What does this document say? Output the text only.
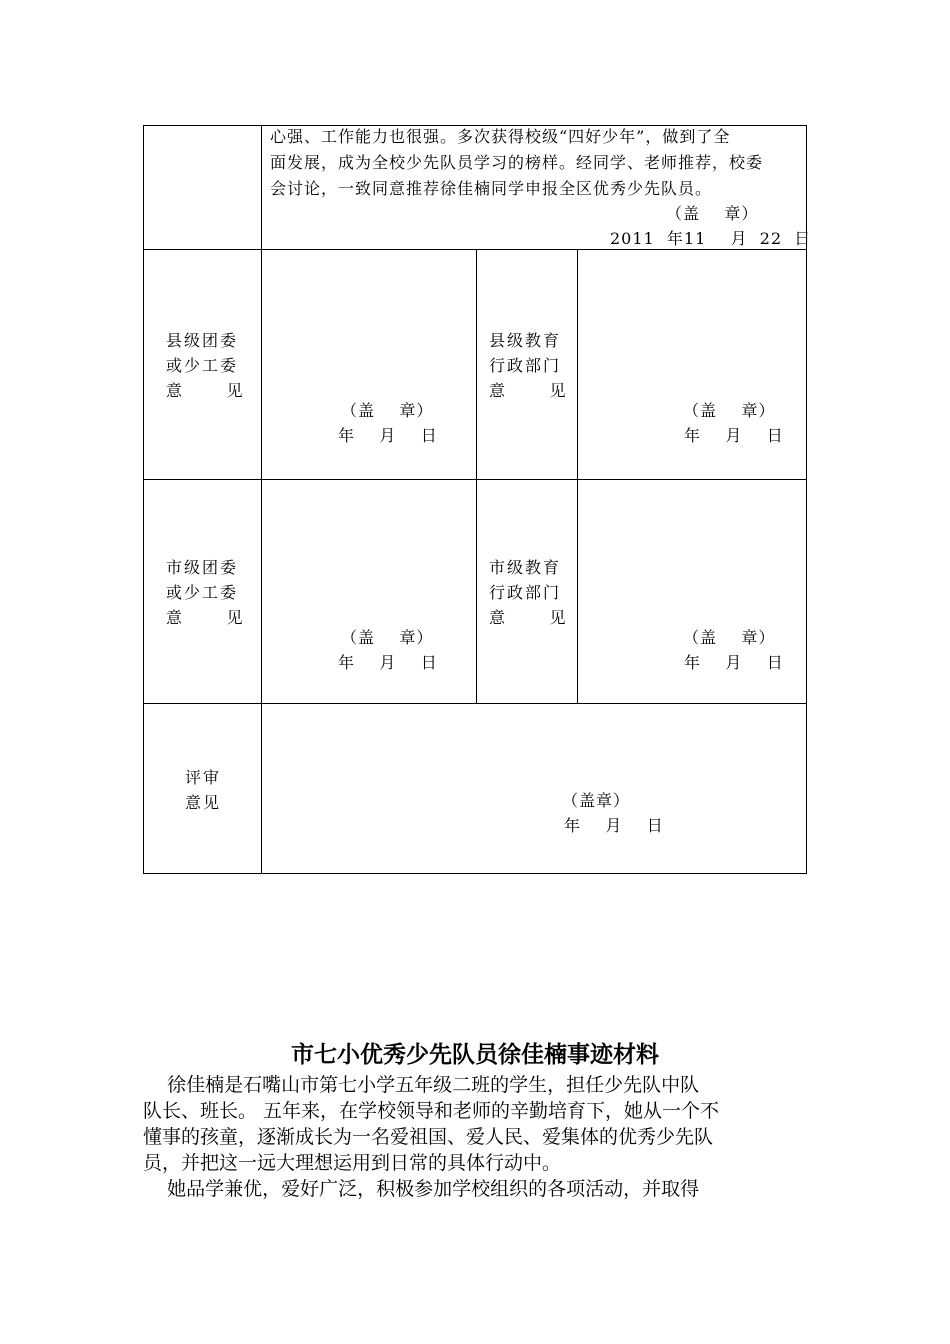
心强、工作能力也很强。多次获得校级“四好少年”，做到了全
面发展，成为全校少先队员学习的榜样。经同学、老师推荐，校委
会讨论，一致同意推荐徐佳楠同学申报全区优秀少先队员。
（盖    章）
2011  年11    月  22  日
县级团委
或少工委
意      见
（盖    章）
年    月    日
县级教育
行政部门
意      见
（盖    章）
年    月    日
市级团委
或少工委
意      见
（盖    章）
年    月    日
市级教育
行政部门
意      见
（盖    章）
年    月    日
评审
意见	（盖章）
年    月    日
市七小优秀少先队员徐佳楠事迹材料
徐佳楠是石嘴山市第七小学五年级二班的学生，担任少先队中队
队长、班长。 五年来，在学校领导和老师的辛勤培育下，她从一个不
懂事的孩童，逐渐成长为一名爱祖国、爱人民、爱集体的优秀少先队
员，并把这一远大理想运用到日常的具体行动中。
她品学兼优，爱好广泛，积极参加学校组织的各项活动，并取得
